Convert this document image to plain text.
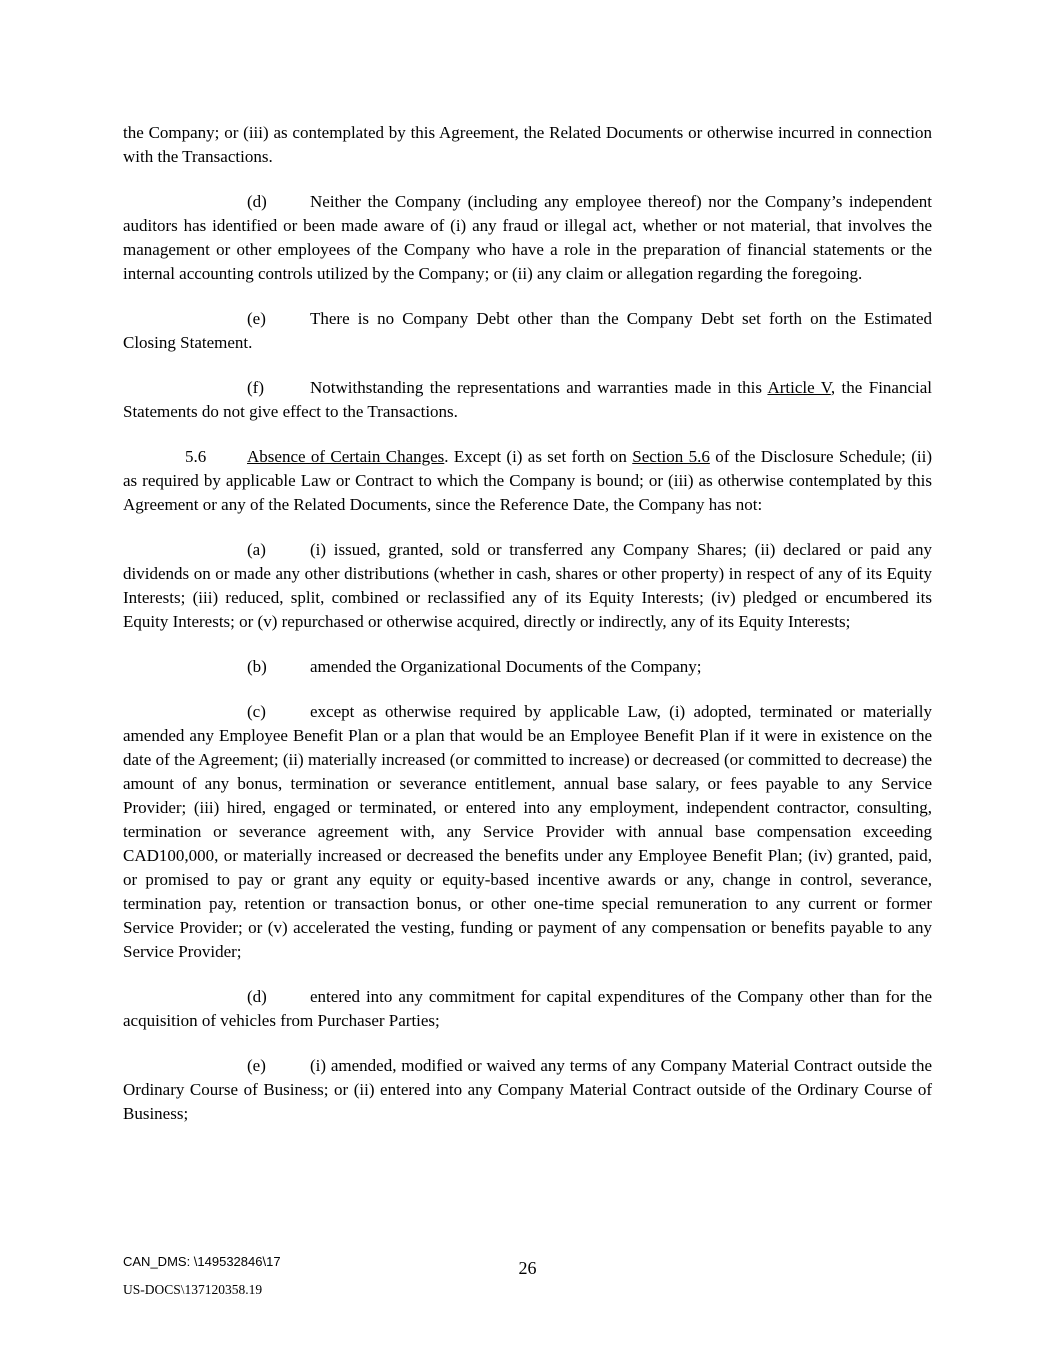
the Company; or (iii) as contemplated by this Agreement, the Related Documents or otherwise incurred in connection with the Transactions.

(d)	Neither the Company (including any employee thereof) nor the Company’s independent auditors has identified or been made aware of (i) any fraud or illegal act, whether or not material, that involves the management or other employees of the Company who have a role in the preparation of financial statements or the internal accounting controls utilized by the Company; or (ii) any claim or allegation regarding the foregoing.

(e)	There is no Company Debt other than the Company Debt set forth on the Estimated Closing Statement.

(f)	Notwithstanding the representations and warranties made in this Article V, the Financial Statements do not give effect to the Transactions.

5.6 Absence of Certain Changes. Except (i) as set forth on Section 5.6 of the Disclosure Schedule; (ii) as required by applicable Law or Contract to which the Company is bound; or (iii) as otherwise contemplated by this Agreement or any of the Related Documents, since the Reference Date, the Company has not:

(a)	(i) issued, granted, sold or transferred any Company Shares; (ii) declared or paid any dividends on or made any other distributions (whether in cash, shares or other property) in respect of any of its Equity Interests; (iii) reduced, split, combined or reclassified any of its Equity Interests; (iv) pledged or encumbered its Equity Interests; or (v) repurchased or otherwise acquired, directly or indirectly, any of its Equity Interests;

(b)	amended the Organizational Documents of the Company;

(c)	except as otherwise required by applicable Law, (i) adopted, terminated or materially amended any Employee Benefit Plan or a plan that would be an Employee Benefit Plan if it were in existence on the date of the Agreement; (ii) materially increased (or committed to increase) or decreased (or committed to decrease) the amount of any bonus, termination or severance entitlement, annual base salary, or fees payable to any Service Provider; (iii) hired, engaged or terminated, or entered into any employment, independent contractor, consulting, termination or severance agreement with, any Service Provider with annual base compensation exceeding CAD100,000, or materially increased or decreased the benefits under any Employee Benefit Plan; (iv) granted, paid, or promised to pay or grant any equity or equity-based incentive awards or any, change in control, severance, termination pay, retention or transaction bonus, or other one-time special remuneration to any current or former Service Provider; or (v) accelerated the vesting, funding or payment of any compensation or benefits payable to any Service Provider;

(d)	entered into any commitment for capital expenditures of the Company other than for the acquisition of vehicles from Purchaser Parties;

(e)	(i) amended, modified or waived any terms of any Company Material Contract outside the Ordinary Course of Business; or (ii) entered into any Company Material Contract outside of the Ordinary Course of Business;

CAN_DMS: \149532846\17
US-DOCS\137120358.19
26
